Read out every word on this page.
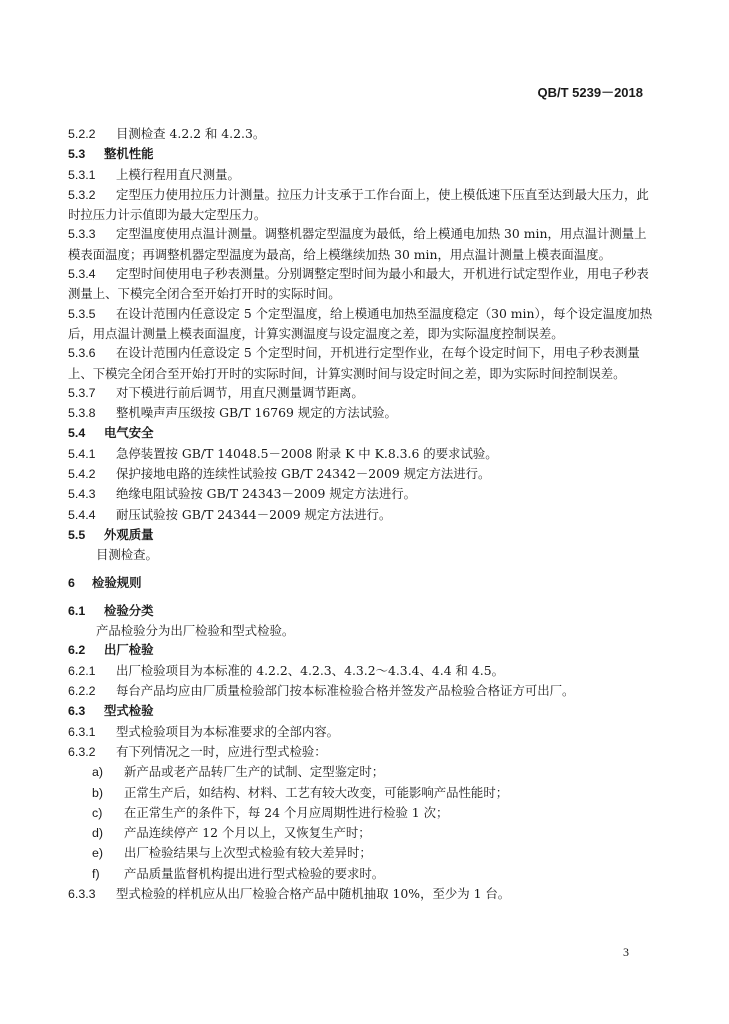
QB/T 5239－2018
5.2.2 目测检查 4.2.2 和 4.2.3。
5.3 整机性能
5.3.1 上模行程用直尺测量。
5.3.2 定型压力使用拉压力计测量。拉压力计支承于工作台面上，使上模低速下压直至达到最大压力，此时拉压力计示值即为最大定型压力。
5.3.3 定型温度使用点温计测量。调整机器定型温度为最低，给上模通电加热 30 min，用点温计测量上模表面温度；再调整机器定型温度为最高，给上模继续加热 30 min，用点温计测量上模表面温度。
5.3.4 定型时间使用电子秒表测量。分别调整定型时间为最小和最大，开机进行试定型作业，用电子秒表测量上、下模完全闭合至开始打开时的实际时间。
5.3.5 在设计范围内任意设定 5 个定型温度，给上模通电加热至温度稳定（30 min），每个设定温度加热后，用点温计测量上模表面温度，计算实测温度与设定温度之差，即为实际温度控制误差。
5.3.6 在设计范围内任意设定 5 个定型时间，开机进行定型作业，在每个设定时间下，用电子秒表测量上、下模完全闭合至开始打开时的实际时间，计算实测时间与设定时间之差，即为实际时间控制误差。
5.3.7 对下模进行前后调节，用直尺测量调节距离。
5.3.8 整机噪声声压级按 GB/T 16769 规定的方法试验。
5.4 电气安全
5.4.1 急停装置按 GB/T 14048.5－2008 附录 K 中 K.8.3.6 的要求试验。
5.4.2 保护接地电路的连续性试验按 GB/T 24342－2009 规定方法进行。
5.4.3 绝缘电阻试验按 GB/T 24343－2009 规定方法进行。
5.4.4 耐压试验按 GB/T 24344－2009 规定方法进行。
5.5 外观质量
目测检查。
6 检验规则
6.1 检验分类
产品检验分为出厂检验和型式检验。
6.2 出厂检验
6.2.1 出厂检验项目为本标准的 4.2.2、4.2.3、4.3.2～4.3.4、4.4 和 4.5。
6.2.2 每台产品均应由厂质量检验部门按本标准检验合格并签发产品检验合格证方可出厂。
6.3 型式检验
6.3.1 型式检验项目为本标准要求的全部内容。
6.3.2 有下列情况之一时，应进行型式检验：
a) 新产品或老产品转厂生产的试制、定型鉴定时；
b) 正常生产后，如结构、材料、工艺有较大改变，可能影响产品性能时；
c) 在正常生产的条件下，每 24 个月应周期性进行检验 1 次；
d) 产品连续停产 12 个月以上，又恢复生产时；
e) 出厂检验结果与上次型式检验有较大差异时；
f) 产品质量监督机构提出进行型式检验的要求时。
6.3.3 型式检验的样机应从出厂检验合格产品中随机抽取 10%，至少为 1 台。
3
